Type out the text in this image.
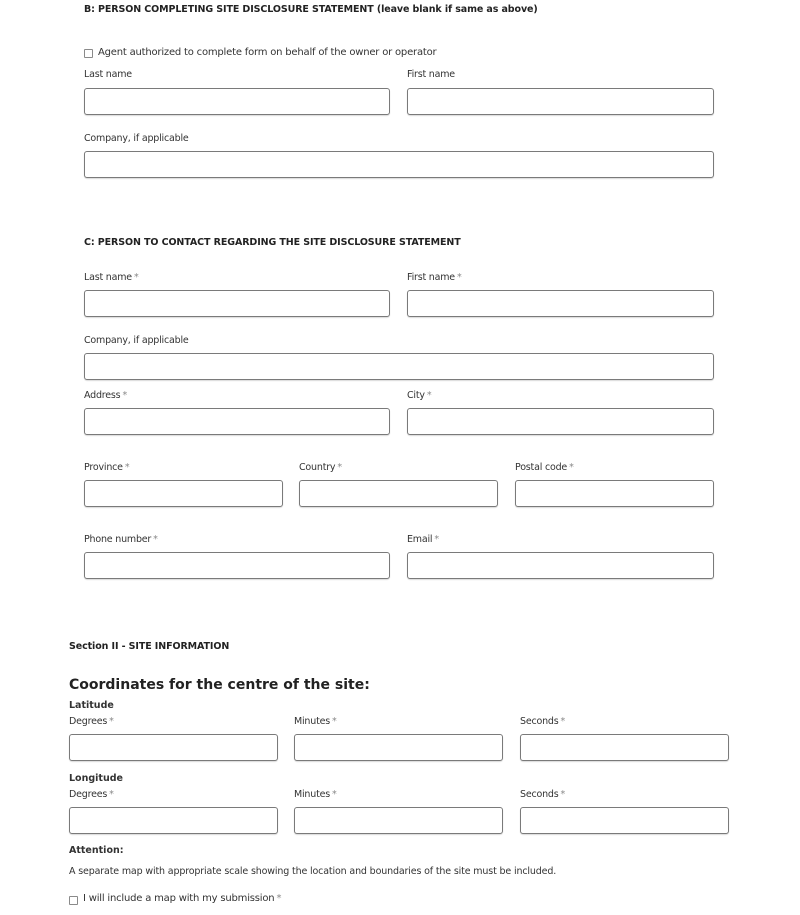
B: PERSON COMPLETING SITE DISCLOSURE STATEMENT (leave blank if same as above)
Agent authorized to complete form on behalf of the owner or operator
Last name	First name
Company, if applicable
C: PERSON TO CONTACT REGARDING THE SITE DISCLOSURE STATEMENT
Last name *	First name *
Company, if applicable
Address *	City *
Province *	Country *	Postal code *
Phone number *	Email *
Section II - SITE INFORMATION
Coordinates for the centre of the site:
Latitude
Degrees *	Minutes *	Seconds *
Longitude
Degrees *	Minutes *	Seconds *
Attention:
A separate map with appropriate scale showing the location and boundaries of the site must be included.
I will include a map with my submission *
